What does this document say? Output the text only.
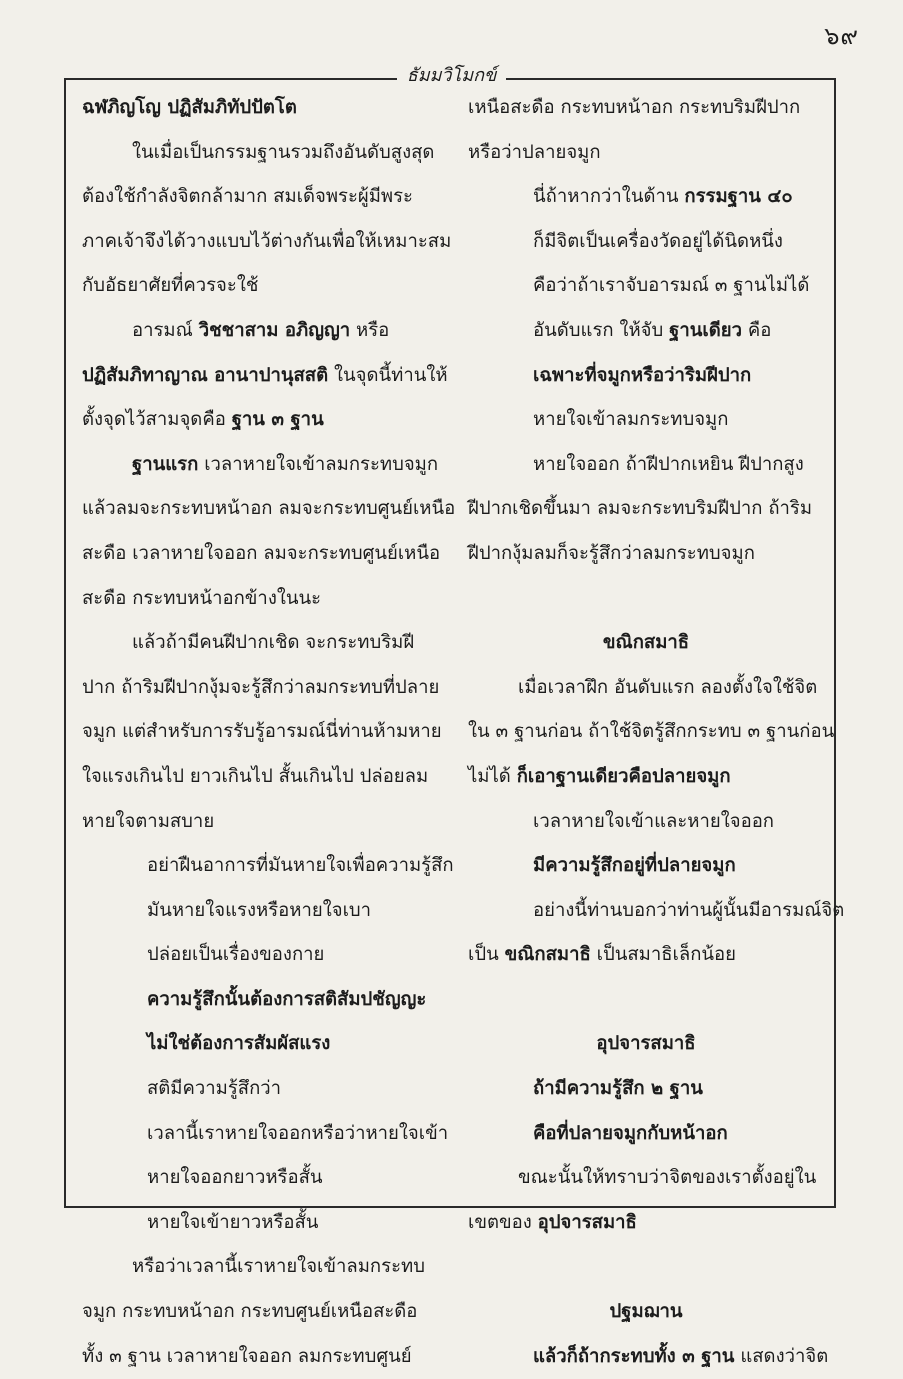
๖๙
ธัมมวิโมกข์
ฉฬภิญโญ ปฏิสัมภิทัปปัตโต
ในเมื่อเป็นกรรมฐานรวมถึงอันดับสูงสุด
ต้องใช้กำลังจิตกล้ามาก สมเด็จพระผู้มีพระ
ภาคเจ้าจึงได้วางแบบไว้ต่างกันเพื่อให้เหมาะสม
กับอัธยาศัยที่ควรจะใช้
อารมณ์ วิชชาสาม อภิญญา หรือ
ปฏิสัมภิทาญาณ อานาปานุสสติ ในจุดนี้ท่านให้
ตั้งจุดไว้สามจุดคือ ฐาน ๓ ฐาน
ฐานแรก เวลาหายใจเข้าลมกระทบจมูก
แล้วลมจะกระทบหน้าอก ลมจะกระทบศูนย์เหนือ
สะดือ เวลาหายใจออก ลมจะกระทบศูนย์เหนือ
สะดือ กระทบหน้าอกข้างในนะ
แล้วถ้ามีคนฝีปากเชิด จะกระทบริมฝี
ปาก ถ้าริมฝีปากงุ้มจะรู้สึกว่าลมกระทบที่ปลาย
จมูก แต่สำหรับการรับรู้อารมณ์นี่ท่านห้ามหาย
ใจแรงเกินไป ยาวเกินไป สั้นเกินไป ปล่อยลม
หายใจตามสบาย
อย่าฝืนอาการที่มันหายใจเพื่อความรู้สึก
มันหายใจแรงหรือหายใจเบา
ปล่อยเป็นเรื่องของกาย
ความรู้สึกนั้นต้องการสติสัมปชัญญะ
ไม่ใช่ต้องการสัมผัสแรง
สติมีความรู้สึกว่า
เวลานี้เราหายใจออกหรือว่าหายใจเข้า
หายใจออกยาวหรือสั้น
หายใจเข้ายาวหรือสั้น
หรือว่าเวลานี้เราหายใจเข้าลมกระทบ
จมูก กระทบหน้าอก กระทบศูนย์เหนือสะดือ
ทั้ง ๓ ฐาน เวลาหายใจออก ลมกระทบศูนย์
เหนือสะดือ กระทบหน้าอก กระทบริมฝีปาก
หรือว่าปลายจมูก
นี่ถ้าหากว่าในด้าน กรรมฐาน ๔๐
ก็มีจิตเป็นเครื่องวัดอยู่ได้นิดหนึ่ง
คือว่าถ้าเราจับอารมณ์ ๓ ฐานไม่ได้
อันดับแรก ให้จับ ฐานเดียว คือ
เฉพาะที่จมูกหรือว่าริมฝีปาก
หายใจเข้าลมกระทบจมูก
หายใจออก ถ้าฝีปากเหยิน ฝีปากสูง
ฝีปากเชิดขึ้นมา ลมจะกระทบริมฝีปาก ถ้าริม
ฝีปากงุ้มลมก็จะรู้สึกว่าลมกระทบจมูก
ขณิกสมาธิ
เมื่อเวลาฝึก อันดับแรก ลองตั้งใจใช้จิต
ใน ๓ ฐานก่อน ถ้าใช้จิตรู้สึกกระทบ ๓ ฐานก่อน
ไม่ได้ ก็เอาฐานเดียวคือปลายจมูก
เวลาหายใจเข้าและหายใจออก
มีความรู้สึกอยู่ที่ปลายจมูก
อย่างนี้ท่านบอกว่าท่านผู้นั้นมีอารมณ์จิต
เป็น ขณิกสมาธิ เป็นสมาธิเล็กน้อย
อุปจารสมาธิ
ถ้ามีความรู้สึก ๒ ฐาน
คือที่ปลายจมูกกับหน้าอก
ขณะนั้นให้ทราบว่าจิตของเราตั้งอยู่ใน
เขตของ อุปจารสมาธิ
ปฐมฌาน
แล้วก็ถ้ากระทบทั้ง ๓ ฐาน แสดงว่าจิต
